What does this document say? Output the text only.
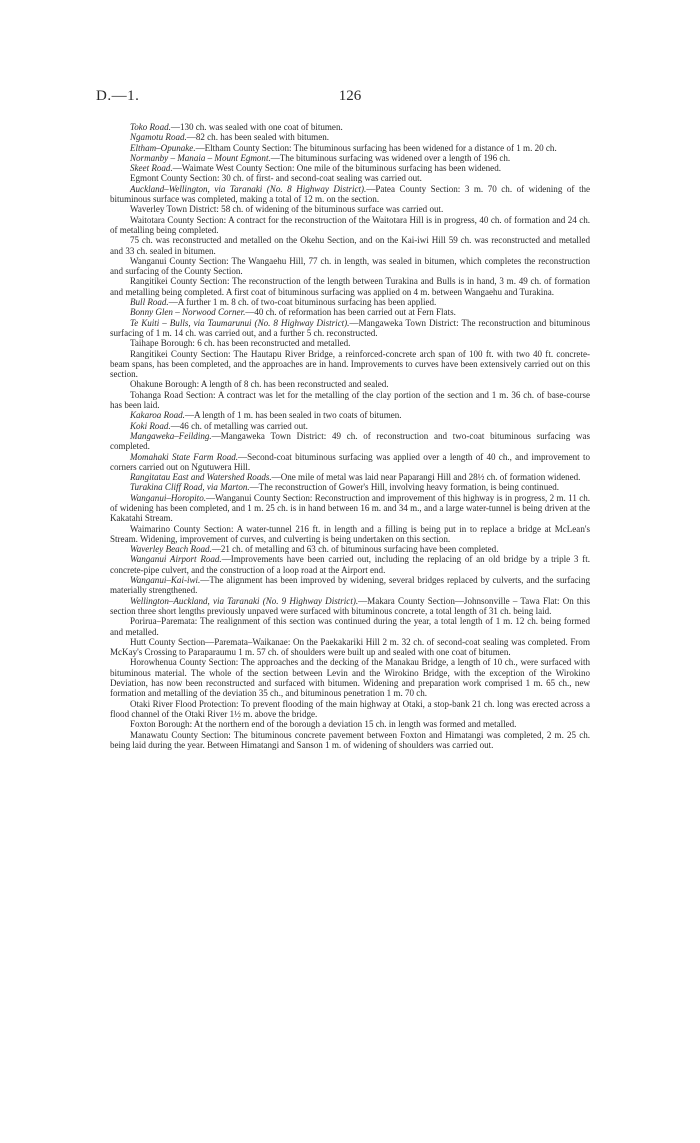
D.—1.	126

Toko Road.—130 ch. was sealed with one coat of bitumen.

Ngamotu Road.—82 ch. has been sealed with bitumen.

Eltham–Opunake.—Eltham County Section: The bituminous surfacing has been widened for a distance of 1 m. 20 ch.

Normanby – Manaia – Mount Egmont.—The bituminous surfacing was widened over a length of 196 ch.

Skeet Road.—Waimate West County Section: One mile of the bituminous surfacing has been widened.

Egmont County Section: 30 ch. of first- and second-coat sealing was carried out.

Auckland–Wellington, via Taranaki (No. 8 Highway District).—Patea County Section: 3 m. 70 ch. of widening of the bituminous surface was completed, making a total of 12 m. on the section.

Waverley Town District: 58 ch. of widening of the bituminous surface was carried out.

Waitotara County Section: A contract for the reconstruction of the Waitotara Hill is in progress, 40 ch. of formation and 24 ch. of metalling being completed.

75 ch. was reconstructed and metalled on the Okehu Section, and on the Kai-iwi Hill 59 ch. was reconstructed and metalled and 33 ch. sealed in bitumen.

Wanganui County Section: The Wangaehu Hill, 77 ch. in length, was sealed in bitumen, which completes the reconstruction and surfacing of the County Section.

Rangitikei County Section: The reconstruction of the length between Turakina and Bulls is in hand, 3 m. 49 ch. of formation and metalling being completed. A first coat of bituminous surfacing was applied on 4 m. between Wangaehu and Turakina.

Bull Road.—A further 1 m. 8 ch. of two-coat bituminous surfacing has been applied.

Bonny Glen – Norwood Corner.—40 ch. of reformation has been carried out at Fern Flats.

Te Kuiti – Bulls, via Taumarunui (No. 8 Highway District).—Mangaweka Town District: The reconstruction and bituminous surfacing of 1 m. 14 ch. was carried out, and a further 5 ch. reconstructed.

Taihape Borough: 6 ch. has been reconstructed and metalled.

Rangitikei County Section: The Hautapu River Bridge, a reinforced-concrete arch span of 100 ft. with two 40 ft. concrete-beam spans, has been completed, and the approaches are in hand. Improvements to curves have been extensively carried out on this section.

Ohakune Borough: A length of 8 ch. has been reconstructed and sealed.

Tohanga Road Section: A contract was let for the metalling of the clay portion of the section and 1 m. 36 ch. of base-course has been laid.

Kakaroa Road.—A length of 1 m. has been sealed in two coats of bitumen.

Koki Road.—46 ch. of metalling was carried out.

Mangaweka–Feilding.—Mangaweka Town District: 49 ch. of reconstruction and two-coat bituminous surfacing was completed.

Momahaki State Farm Road.—Second-coat bituminous surfacing was applied over a length of 40 ch., and improvement to corners carried out on Ngutuwera Hill.

Rangitatau East and Watershed Roads.—One mile of metal was laid near Paparangi Hill and 28½ ch. of formation widened.

Turakina Cliff Road, via Marton.—The reconstruction of Gower's Hill, involving heavy formation, is being continued.

Wanganui–Horopito.—Wanganui County Section: Reconstruction and improvement of this highway is in progress, 2 m. 11 ch. of widening has been completed, and 1 m. 25 ch. is in hand between 16 m. and 34 m., and a large water-tunnel is being driven at the Kakatahi Stream.

Waimarino County Section: A water-tunnel 216 ft. in length and a filling is being put in to replace a bridge at McLean's Stream. Widening, improvement of curves, and culverting is being undertaken on this section.

Waverley Beach Road.—21 ch. of metalling and 63 ch. of bituminous surfacing have been completed.

Wanganui Airport Road.—Improvements have been carried out, including the replacing of an old bridge by a triple 3 ft. concrete-pipe culvert, and the construction of a loop road at the Airport end.

Wanganui–Kai-iwi.—The alignment has been improved by widening, several bridges replaced by culverts, and the surfacing materially strengthened.

Wellington–Auckland, via Taranaki (No. 9 Highway District).—Makara County Section—Johnsonville – Tawa Flat: On this section three short lengths previously unpaved were surfaced with bituminous concrete, a total length of 31 ch. being laid.

Porirua–Paremata: The realignment of this section was continued during the year, a total length of 1 m. 12 ch. being formed and metalled.

Hutt County Section—Paremata–Waikanae: On the Paekakariki Hill 2 m. 32 ch. of second-coat sealing was completed. From McKay's Crossing to Paraparaumu 1 m. 57 ch. of shoulders were built up and sealed with one coat of bitumen.

Horowhenua County Section: The approaches and the decking of the Manakau Bridge, a length of 10 ch., were surfaced with bituminous material. The whole of the section between Levin and the Wirokino Bridge, with the exception of the Wirokino Deviation, has now been reconstructed and surfaced with bitumen. Widening and preparation work comprised 1 m. 65 ch., new formation and metalling of the deviation 35 ch., and bituminous penetration 1 m. 70 ch.

Otaki River Flood Protection: To prevent flooding of the main highway at Otaki, a stop-bank 21 ch. long was erected across a flood channel of the Otaki River 1½ m. above the bridge.

Foxton Borough: At the northern end of the borough a deviation 15 ch. in length was formed and metalled.

Manawatu County Section: The bituminous concrete pavement between Foxton and Himatangi was completed, 2 m. 25 ch. being laid during the year. Between Himatangi and Sanson 1 m. of widening of shoulders was carried out.
